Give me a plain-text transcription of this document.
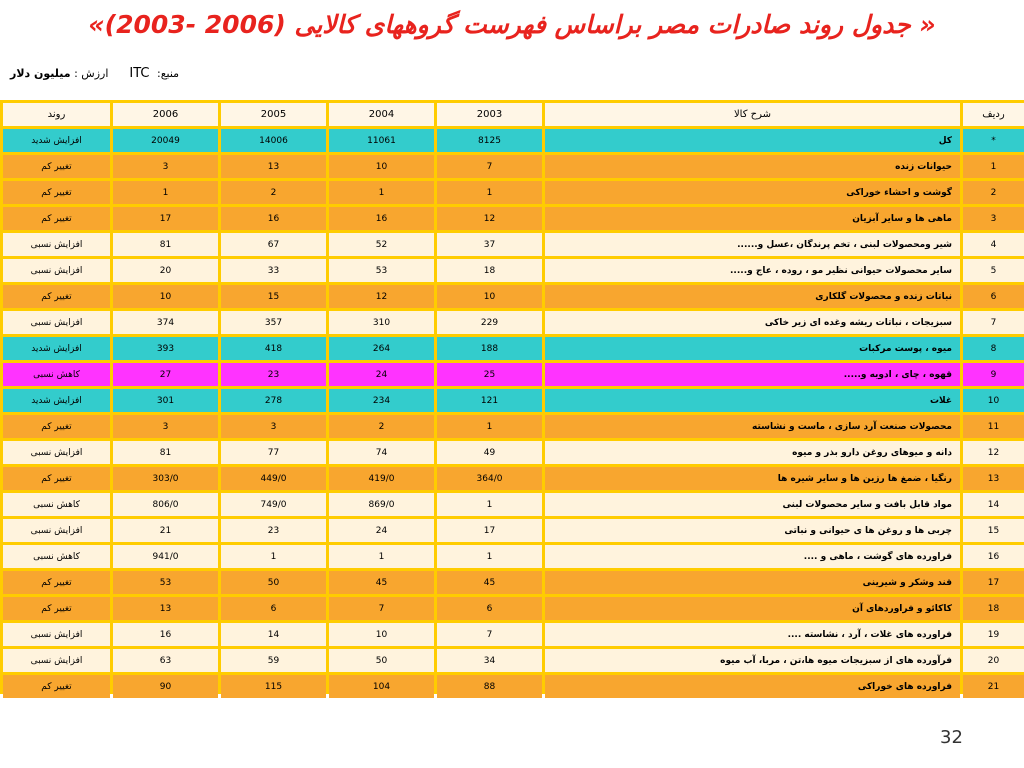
« جدول روند صادرات مصر براساس فهرست گروههای کالایی (2006 -2003)»
منبع: ITC  ارزش : میلیون دلار
ردیف	شرح کالا	2003	2004	2005	2006	روند
*	کل	8125	11061	14006	20049	افزایش شدید
1	حیوانات زنده	7	10	13	3	تغییر کم
2	گوشت و احشاء خوراکی	1	1	2	1	تغییر کم
3	ماهی ها و سایر آبزیان	12	16	16	17	تغییر کم
4	شیر ومحصولات لبنی ، تخم پرندگان ،عسل و......	37	52	67	81	افزایش نسبی
5	سایر محصولات حیوانی نظیر مو ، روده ، عاج و.....	18	53	33	20	افزایش نسبی
6	نباتات زنده و محصولات گلکاری	10	12	15	10	تغییر کم
7	سبزیجات ، نباتات ریشه وغده ای زیر خاکی	229	310	357	374	افزایش نسبی
8	میوه ، پوست مرکبات	188	264	418	393	افزایش شدید
9	قهوه ، چای ، ادویه و.....	25	24	23	27	کاهش نسبی
10	غلات	121	234	278	301	افزایش شدید
11	محصولات صنعت آرد سازی ، ماست و نشاسته	1	2	3	3	تغییر کم
12	دانه و میوهای روغن دارو بذر و میوه	49	74	77	81	افزایش نسبی
13	رنگیا ، ضمغ ها رزین ها و سایر شیره ها	364/0	419/0	449/0	303/0	تغییر کم
14	مواد قابل بافت و سایر محصولات لبنی	1	869/0	749/0	806/0	کاهش نسبی
15	چربی ها و روغن ها ی حیوانی و نباتی	17	24	23	21	افزایش نسبی
16	فراورده های گوشت ، ماهی و ....	1	1	1	941/0	کاهش نسبی
17	قند وشکر و شیرینی	45	45	50	53	تغییر کم
18	کاکائو و فراوردهای آن	6	7	6	13	تغییر کم
19	فراورده های غلات ، آرد ، نشاسته ....	7	10	14	16	افزایش نسبی
20	فرآورده های از سبزیجات میوه ها،تن ، مربا، آب میوه	34	50	59	63	افزایش نسبی
21	فراورده های خوراکی	88	104	115	90	تغییر کم
32
